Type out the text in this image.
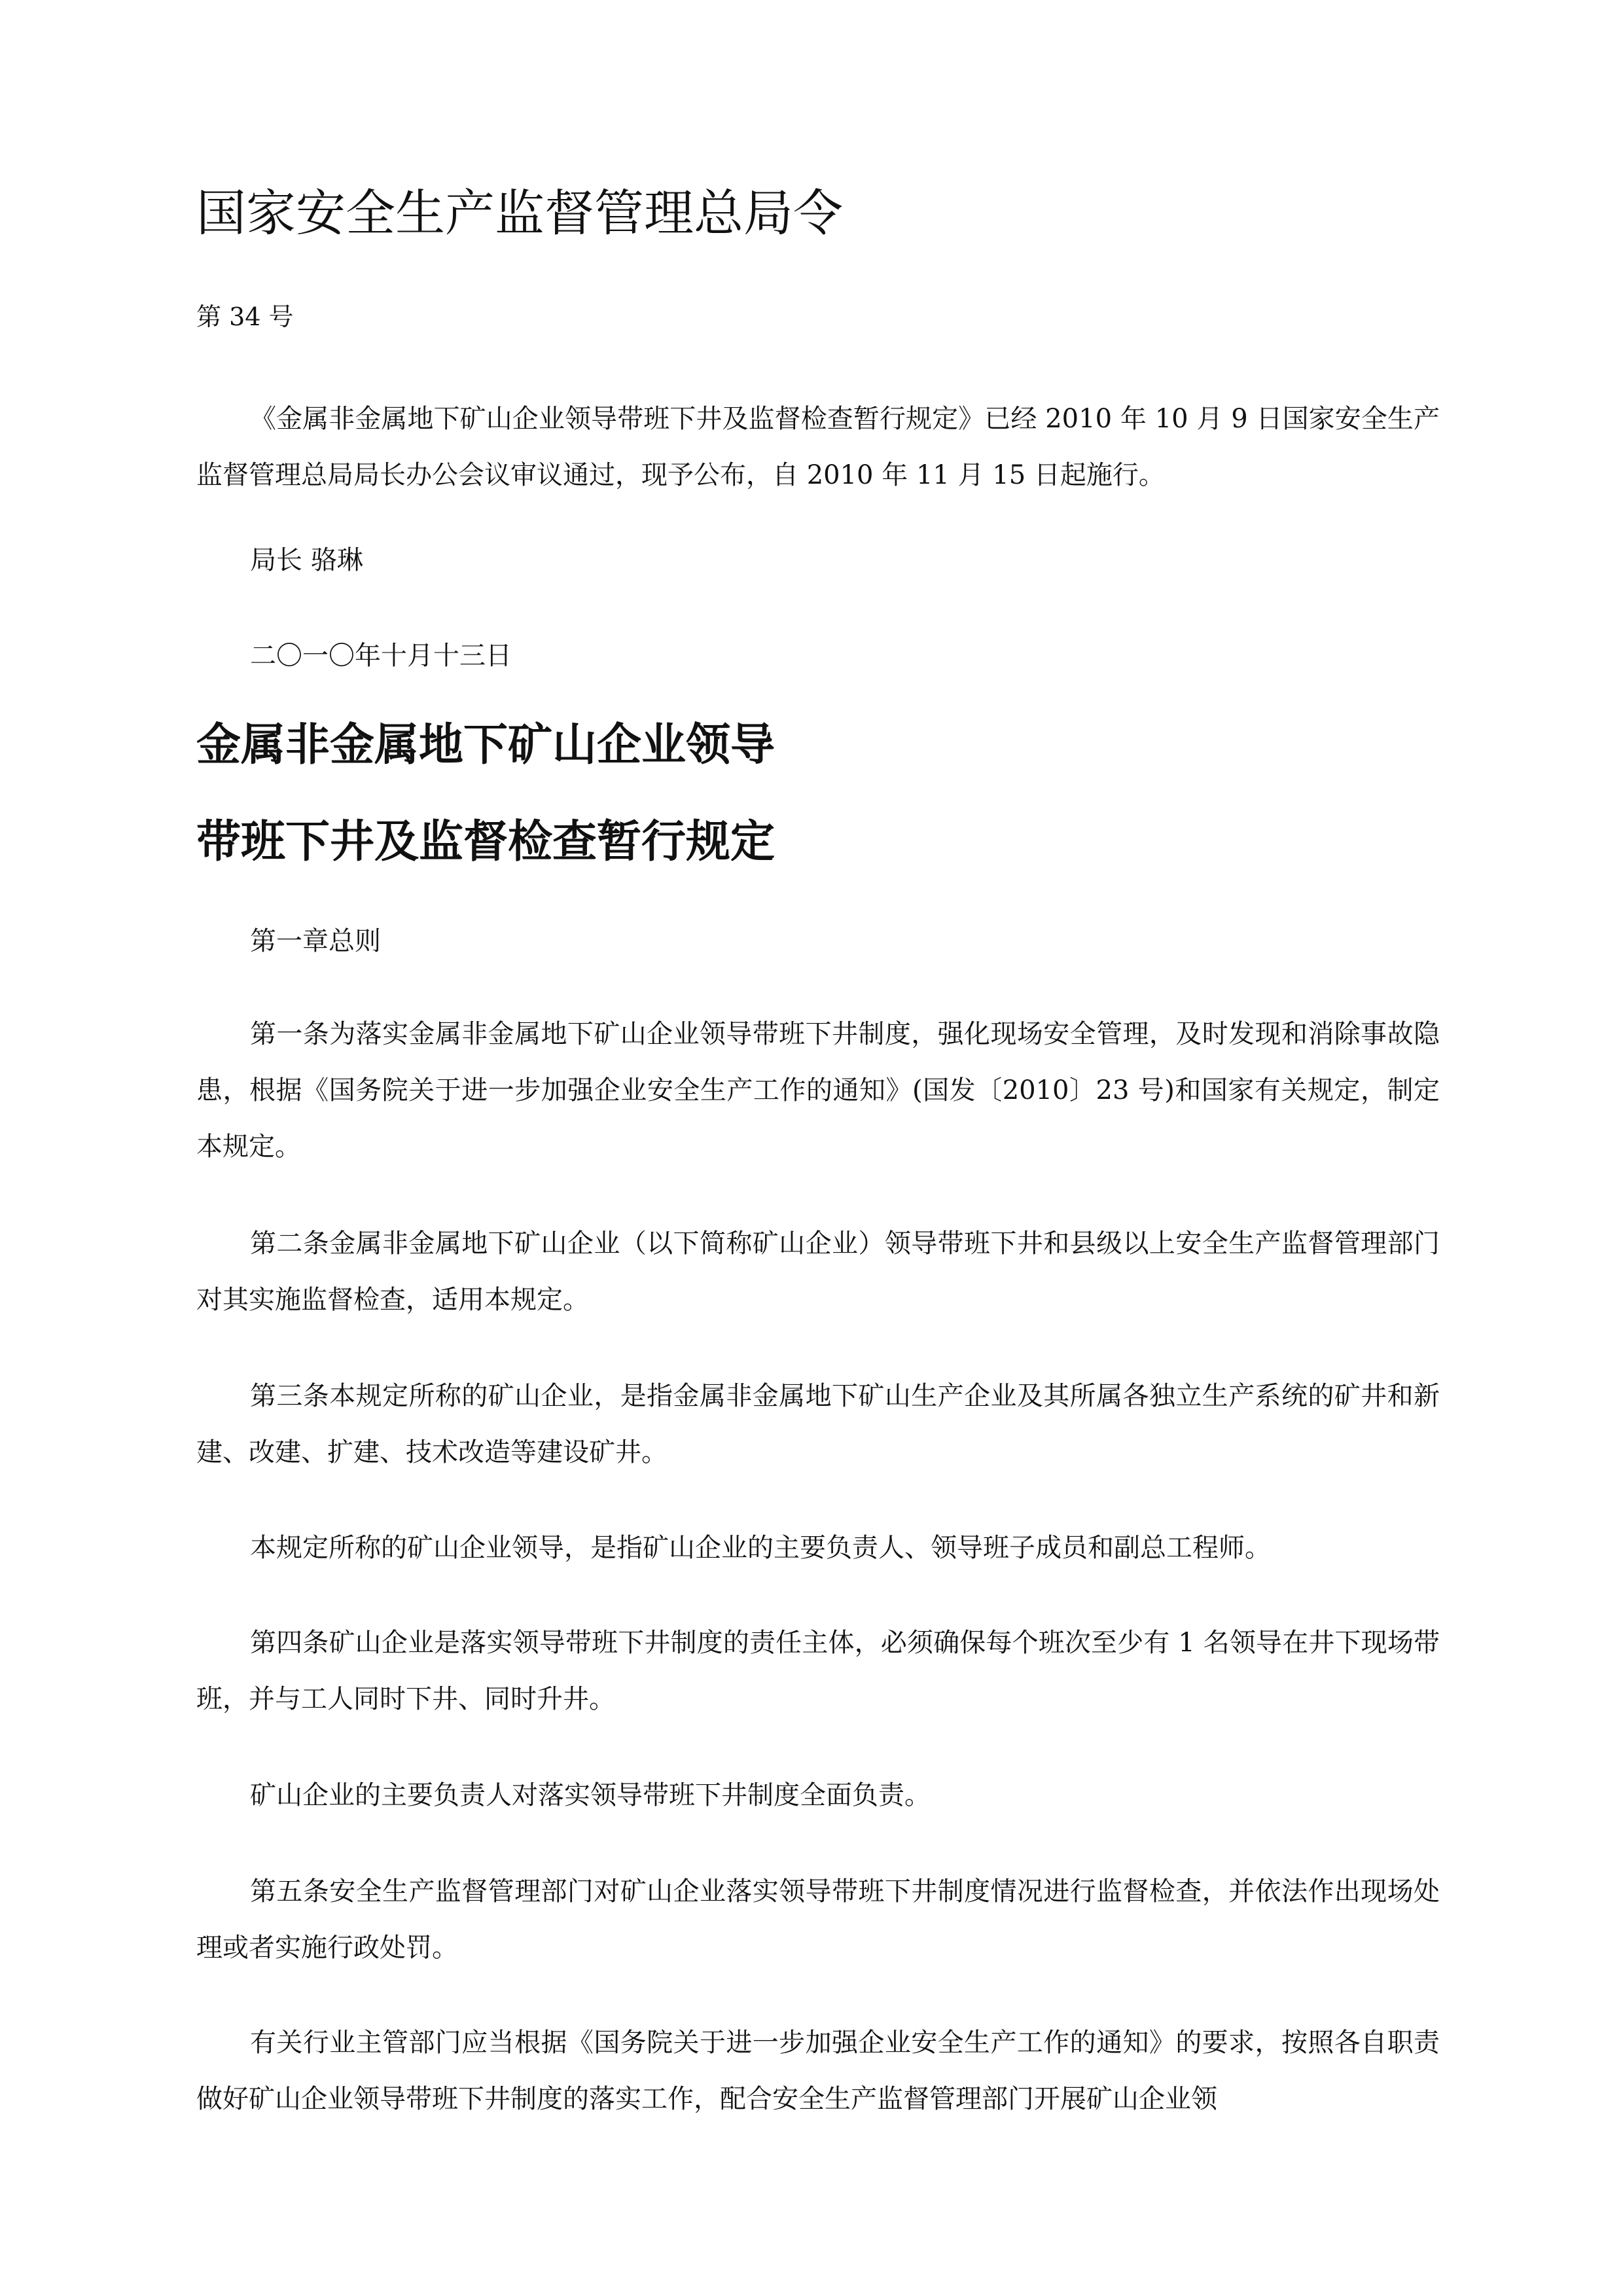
国家安全生产监督管理总局令
第 34 号

《金属非金属地下矿山企业领导带班下井及监督检查暂行规定》已经 2010 年 10 月 9 日国家安全生产监督管理总局局长办公会议审议通过，现予公布，自 2010 年 11 月 15 日起施行。

局长 骆琳
二〇一〇年十月十三日
金属非金属地下矿山企业领导
带班下井及监督检查暂行规定
第一章总则

第一条为落实金属非金属地下矿山企业领导带班下井制度，强化现场安全管理，及时发现和消除事故隐患，根据《国务院关于进一步加强企业安全生产工作的通知》(国发〔2010〕23 号)和国家有关规定，制定本规定。

第二条金属非金属地下矿山企业（以下简称矿山企业）领导带班下井和县级以上安全生产监督管理部门对其实施监督检查，适用本规定。

第三条本规定所称的矿山企业，是指金属非金属地下矿山生产企业及其所属各独立生产系统的矿井和新建、改建、扩建、技术改造等建设矿井。

本规定所称的矿山企业领导，是指矿山企业的主要负责人、领导班子成员和副总工程师。

第四条矿山企业是落实领导带班下井制度的责任主体，必须确保每个班次至少有 1 名领导在井下现场带班，并与工人同时下井、同时升井。

矿山企业的主要负责人对落实领导带班下井制度全面负责。

第五条安全生产监督管理部门对矿山企业落实领导带班下井制度情况进行监督检查，并依法作出现场处理或者实施行政处罚。

有关行业主管部门应当根据《国务院关于进一步加强企业安全生产工作的通知》的要求，按照各自职责做好矿山企业领导带班下井制度的落实工作，配合安全生产监督管理部门开展矿山企业领
